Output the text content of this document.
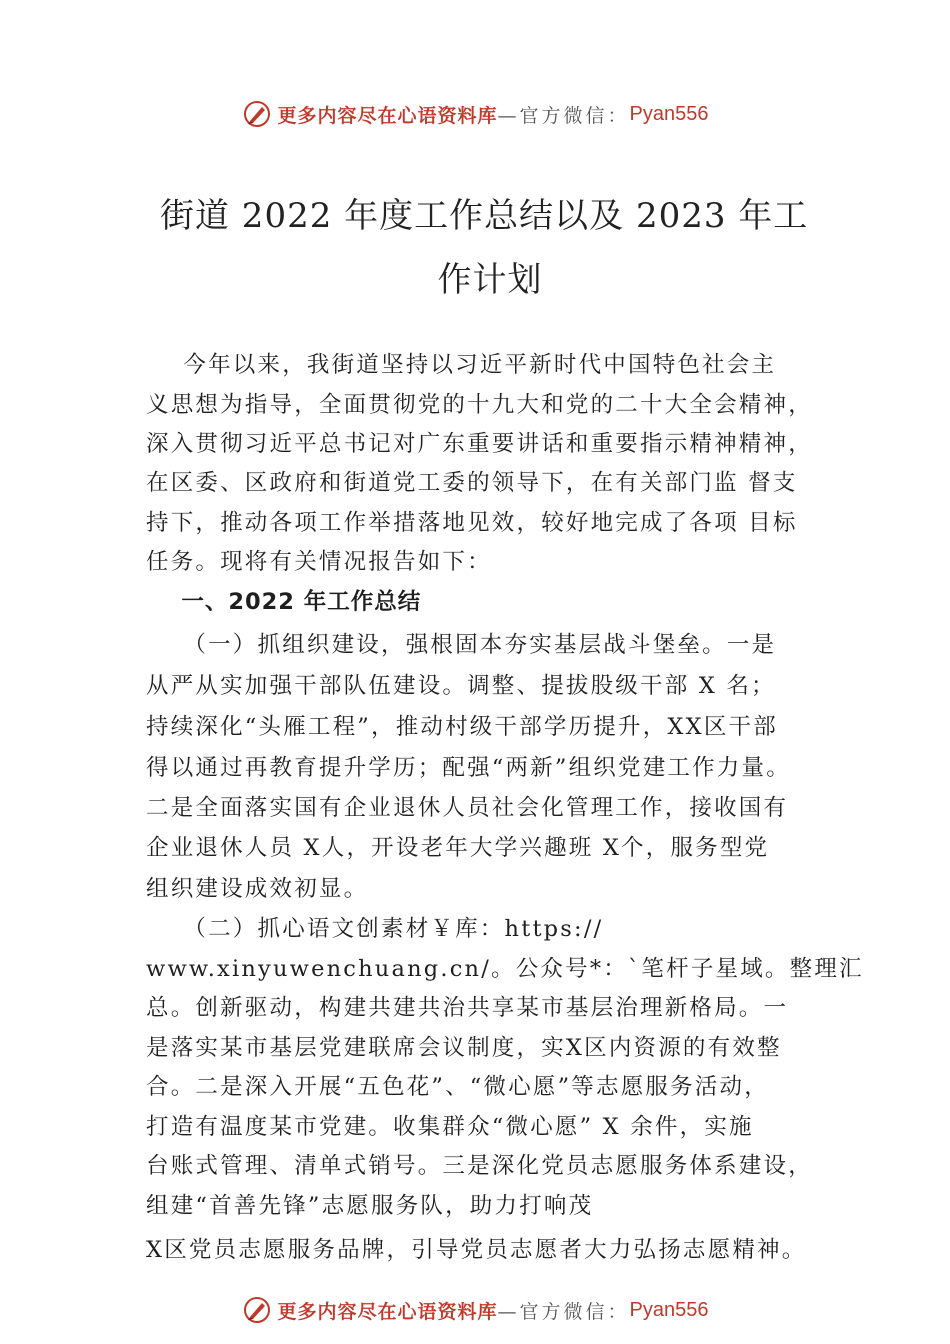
更多内容尽在心语资料库 —官方微信： Pyan556
街道 2022 年度工作总结以及 2023 年工
作计划
今年以来，我街道坚持以习近平新时代中国特色社会主
义思想为指导，全面贯彻党的十九大和党的二十大全会精神，
深入贯彻习近平总书记对广东重要讲话和重要指示精神精神，
在区委、区政府和街道党工委的领导下，在有关部门监 督支
持下，推动各项工作举措落地见效，较好地完成了各项 目标
任务。现将有关情况报告如下：
一、2022 年工作总结
（一）抓组织建设，强根固本夯实基层战斗堡垒。一是
从严从实加强干部队伍建设。调整、提拔股级干部 X 名；
持续深化“头雁工程”，推动村级干部学历提升，XX区干部
得以通过再教育提升学历；配强“两新”组织党建工作力量。
二是全面落实国有企业退休人员社会化管理工作，接收国有
企业退休人员 X人，开设老年大学兴趣班 X个，服务型党
组织建设成效初显。
（二）抓心语文创素材￥库：https://
www.xinyuwenchuang.cn/。公众号*：`笔杆子星域。整理汇
总。创新驱动，构建共建共治共享某市基层治理新格局。一
是落实某市基层党建联席会议制度，实X区内资源的有效整
合。二是深入开展“五色花”、“微心愿”等志愿服务活动，
打造有温度某市党建。收集群众“微心愿” X 余件，实施
台账式管理、清单式销号。三是深化党员志愿服务体系建设，
组建“首善先锋”志愿服务队，助力打响茂
X区党员志愿服务品牌，引导党员志愿者大力弘扬志愿精神。
更多内容尽在心语资料库 —官方微信： Pyan556
